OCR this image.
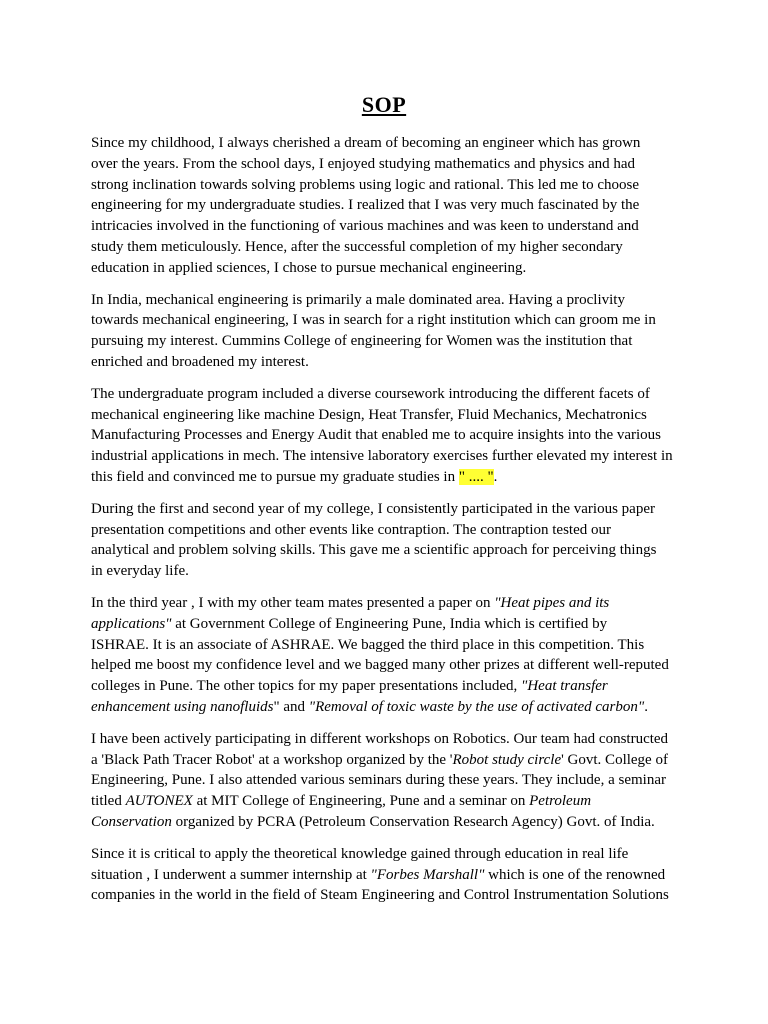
SOP

Since my childhood, I always cherished a dream of becoming an engineer which has grown
over the years. From the school days, I enjoyed studying mathematics and physics and had
strong inclination towards solving problems using logic and rational. This led me to choose
engineering for my undergraduate studies. I realized that I was very much fascinated by the
intricacies involved in the functioning of various machines and was keen to understand and
study them meticulously. Hence, after the successful completion of my higher secondary
education in applied sciences, I chose to pursue mechanical engineering.

In India, mechanical engineering is primarily a male dominated area. Having a proclivity
towards mechanical engineering, I was in search for a right institution which can groom me in
pursuing my interest. Cummins College of engineering for Women was the institution that
enriched and broadened my interest.

The undergraduate program included a diverse coursework introducing the different facets of
mechanical engineering like machine Design, Heat Transfer, Fluid Mechanics, Mechatronics
Manufacturing Processes and Energy Audit that enabled me to acquire insights into the various
industrial applications in mech. The intensive laboratory exercises further elevated my interest in
this field and convinced me to pursue my graduate studies in " .... ".

During the first and second year of my college, I consistently participated in the various paper
presentation competitions and other events like contraption. The contraption tested our
analytical and problem solving skills. This gave me a scientific approach for perceiving things
in everyday life.

In the third year , I with my other team mates presented a paper on "Heat pipes and its
applications" at Government College of Engineering Pune, India which is certified by
ISHRAE. It is an associate of ASHRAE. We bagged the third place in this competition. This
helped me boost my confidence level and we bagged many other prizes at different well-reputed
colleges in Pune. The other topics for my paper presentations included, "Heat transfer
enhancement using nanofluids" and "Removal of toxic waste by the use of activated carbon".

I have been actively participating in different workshops on Robotics. Our team had constructed
a 'Black Path Tracer Robot' at a workshop organized by the 'Robot study circle' Govt. College of
Engineering, Pune. I also attended various seminars during these years. They include, a seminar
titled AUTONEX at MIT College of Engineering, Pune and a seminar on Petroleum
Conservation organized by PCRA (Petroleum Conservation Research Agency) Govt. of India.

Since it is critical to apply the theoretical knowledge gained through education in real life
situation , I underwent a summer internship at "Forbes Marshall" which is one of the renowned
companies in the world in the field of Steam Engineering and Control Instrumentation Solutions
